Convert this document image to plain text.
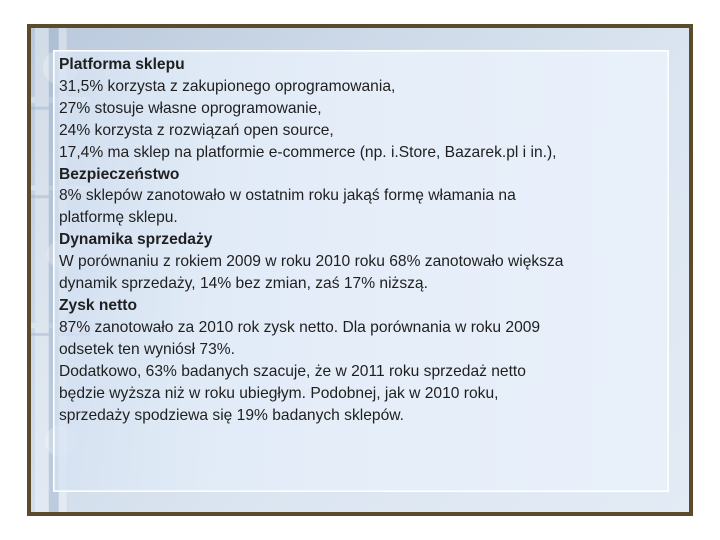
Platforma sklepu

31,5% korzysta z zakupionego oprogramowania,

27% stosuje własne oprogramowanie,

24% korzysta z rozwiązań open source,

17,4% ma sklep na platformie e-commerce (np. i.Store, Bazarek.pl i in.),

Bezpieczeństwo

8% sklepów zanotowało w ostatnim roku jakąś formę włamania na

platformę sklepu.

Dynamika sprzedaży

W porównaniu z rokiem 2009 w roku 2010 roku 68% zanotowało większa

dynamik sprzedaży, 14% bez zmian, zaś 17% niższą.

Zysk netto

87% zanotowało za 2010 rok zysk netto. Dla porównania w roku 2009

odsetek ten wyniósł 73%.

Dodatkowo, 63% badanych szacuje, że w 2011 roku sprzedaż netto

będzie wyższa niż w roku ubiegłym. Podobnej, jak w 2010 roku,

sprzedaży spodziewa się 19% badanych sklepów.
